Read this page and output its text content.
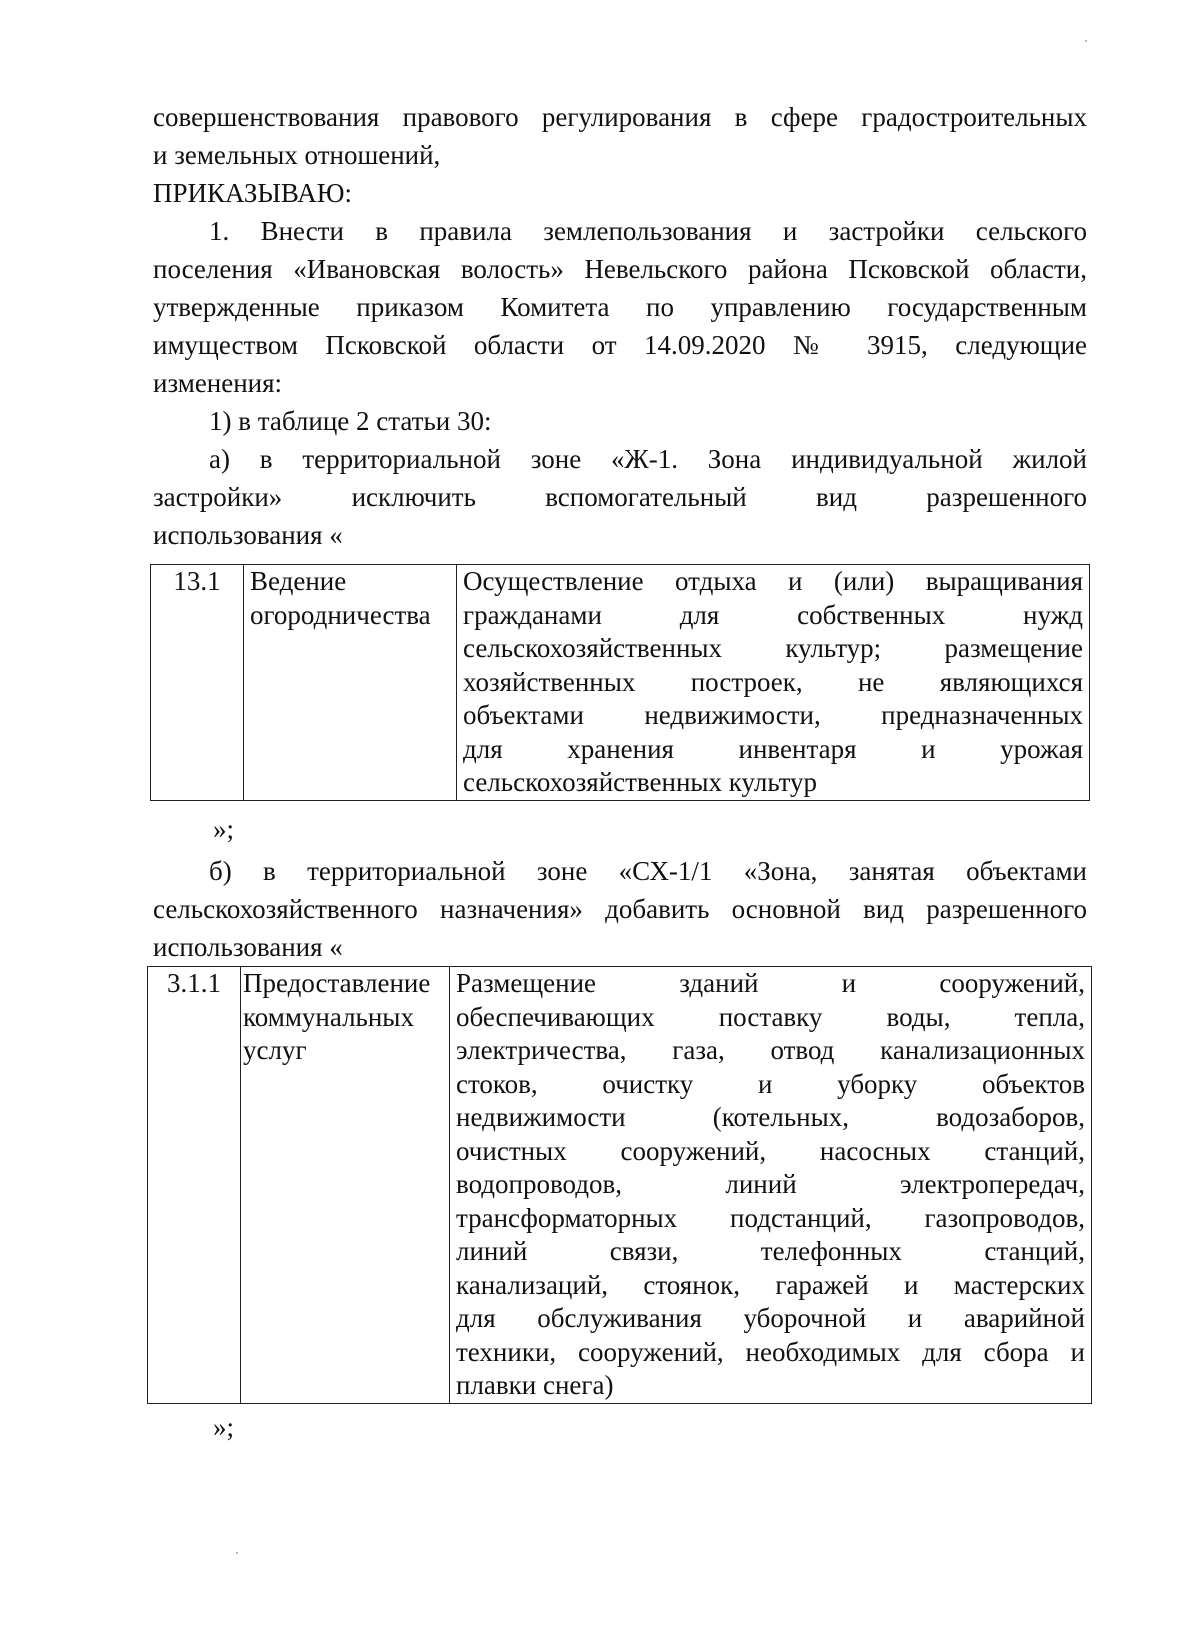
совершенствования правового регулирования в сфере градостроительных
и земельных отношений,
ПРИКАЗЫВАЮ:
1. Внести в правила землепользования и застройки сельского
поселения «Ивановская волость» Невельского района Псковской области,
утвержденные приказом Комитета по управлению государственным
имуществом Псковской области от 14.09.2020 № 3915, следующие
изменения:
1) в таблице 2 статьи 30:
а) в территориальной зоне «Ж-1. Зона индивидуальной жилой
застройки» исключить вспомогательный вид разрешенного
использования «
13.1	Ведение
огородничества

Осуществление отдыха и (или) выращивания
гражданами для собственных нужд
сельскохозяйственных культур; размещение
хозяйственных построек, не являющихся
объектами недвижимости, предназначенных
для хранения инвентаря и урожая
сельскохозяйственных культур
»;
б) в территориальной зоне «СХ-1/1 «Зона, занятая объектами
сельскохозяйственного назначения» добавить основной вид разрешенного
использования «
3.1.1	Предоставление
коммунальных
услуг

Размещение зданий и сооружений,
обеспечивающих поставку воды, тепла,
электричества, газа, отвод канализационных
стоков, очистку и уборку объектов
недвижимости (котельных, водозаборов,
очистных сооружений, насосных станций,
водопроводов, линий электропередач,
трансформаторных подстанций, газопроводов,
линий связи, телефонных станций,
канализаций, стоянок, гаражей и мастерских
для обслуживания уборочной и аварийной
техники, сооружений, необходимых для сбора и
плавки снега)
»;
